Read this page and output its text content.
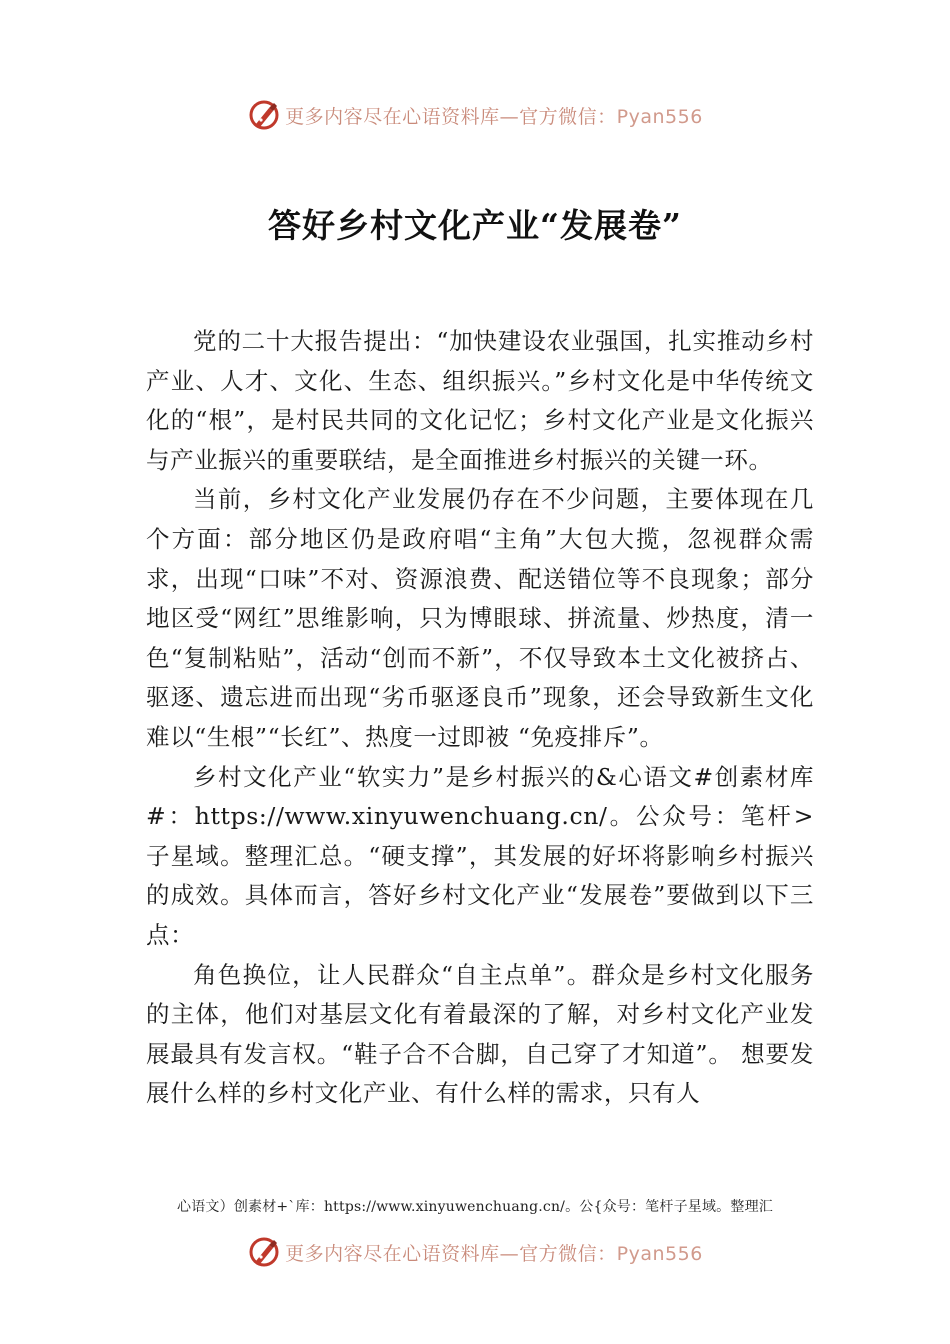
更多内容尽在心语资料库—官方微信：Pyan556
答好乡村文化产业“发展卷”

党的二十大报告提出：“加快建设农业强国，扎实推动乡村产业、人才、文化、生态、组织振兴。”乡村文化是中华传统文化的“根”，是村民共同的文化记忆；乡村文化产业是文化振兴与产业振兴的重要联结，是全面推进乡村振兴的关键一环。

当前，乡村文化产业发展仍存在不少问题，主要体现在几个方面：部分地区仍是政府唱“主角”大包大揽，忽视群众需求，出现“口味”不对、资源浪费、配送错位等不良现象；部分地区受“网红”思维影响，只为博眼球、拼流量、炒热度，清一色“复制粘贴”，活动“创而不新”，不仅导致本土文化被挤占、驱逐、遗忘进而出现“劣币驱逐良币”现象，还会导致新生文化难以“生根”“长红”、热度一过即被 “免疫排斥”。

乡村文化产业“软实力”是乡村振兴的&心语文#创素材库#：https://www.xinyuwenchuang.cn/。公众号：笔杆>子星域。整理汇总。“硬支撑”，其发展的好坏将影响乡村振兴的成效。具体而言，答好乡村文化产业“发展卷”要做到以下三点：

角色换位，让人民群众“自主点单”。群众是乡村文化服务的主体，他们对基层文化有着最深的了解，对乡村文化产业发展最具有发言权。“鞋子合不合脚，自己穿了才知道”。 想要发展什么样的乡村文化产业、有什么样的需求，只有人

心语文）创素材+`库：https://www.xinyuwenchuang.cn/。公{众号：笔杆子星域。整理汇
更多内容尽在心语资料库—官方微信：Pyan556
